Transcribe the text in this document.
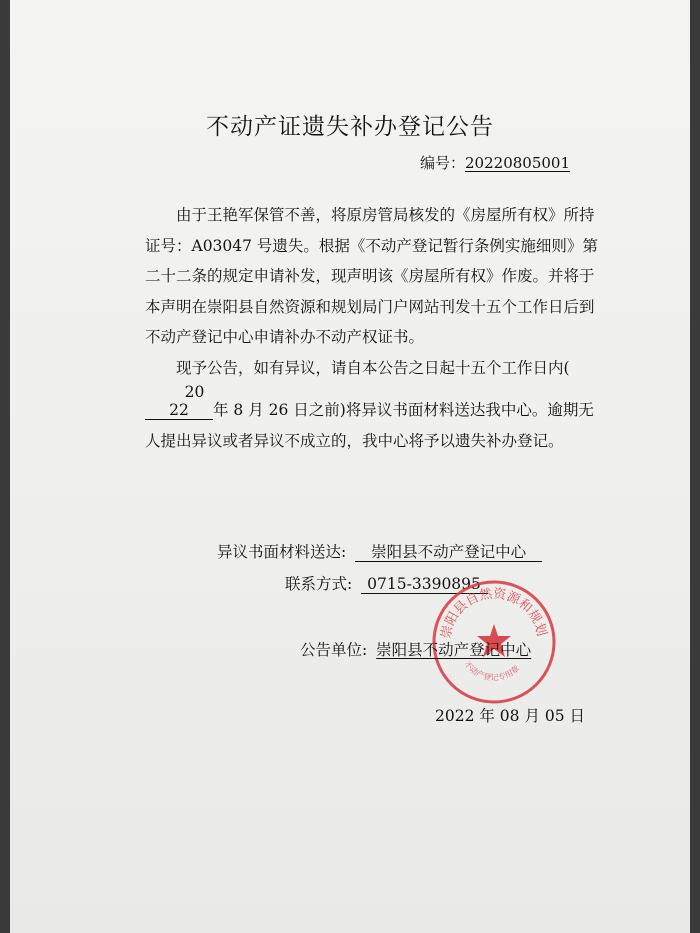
不动产证遗失补办登记公告
编号：20220805001

由于王艳军保管不善，将原房管局核发的《房屋所有权》所持证号：A03047 号遗失。根据《不动产登记暂行条例实施细则》第二十二条的规定申请补发，现声明该《房屋所有权》作废。并将于本声明在崇阳县自然资源和规划局门户网站刊发十五个工作日后到不动产登记中心申请补办不动产权证书。

现予公告，如有异议，请自本公告之日起十五个工作日内(2022 年 8 月 26 日之前)将异议书面材料送达我中心。逾期无人提出异议或者异议不成立的，我中心将予以遗失补办登记。

异议书面材料送达: 崇阳县不动产登记中心
联系方式: 0715-3390895
崇阳县自然资源和规划
不动产登记专用章
公告单位: 崇阳县不动产登记中心
2022 年 08 月 05 日
